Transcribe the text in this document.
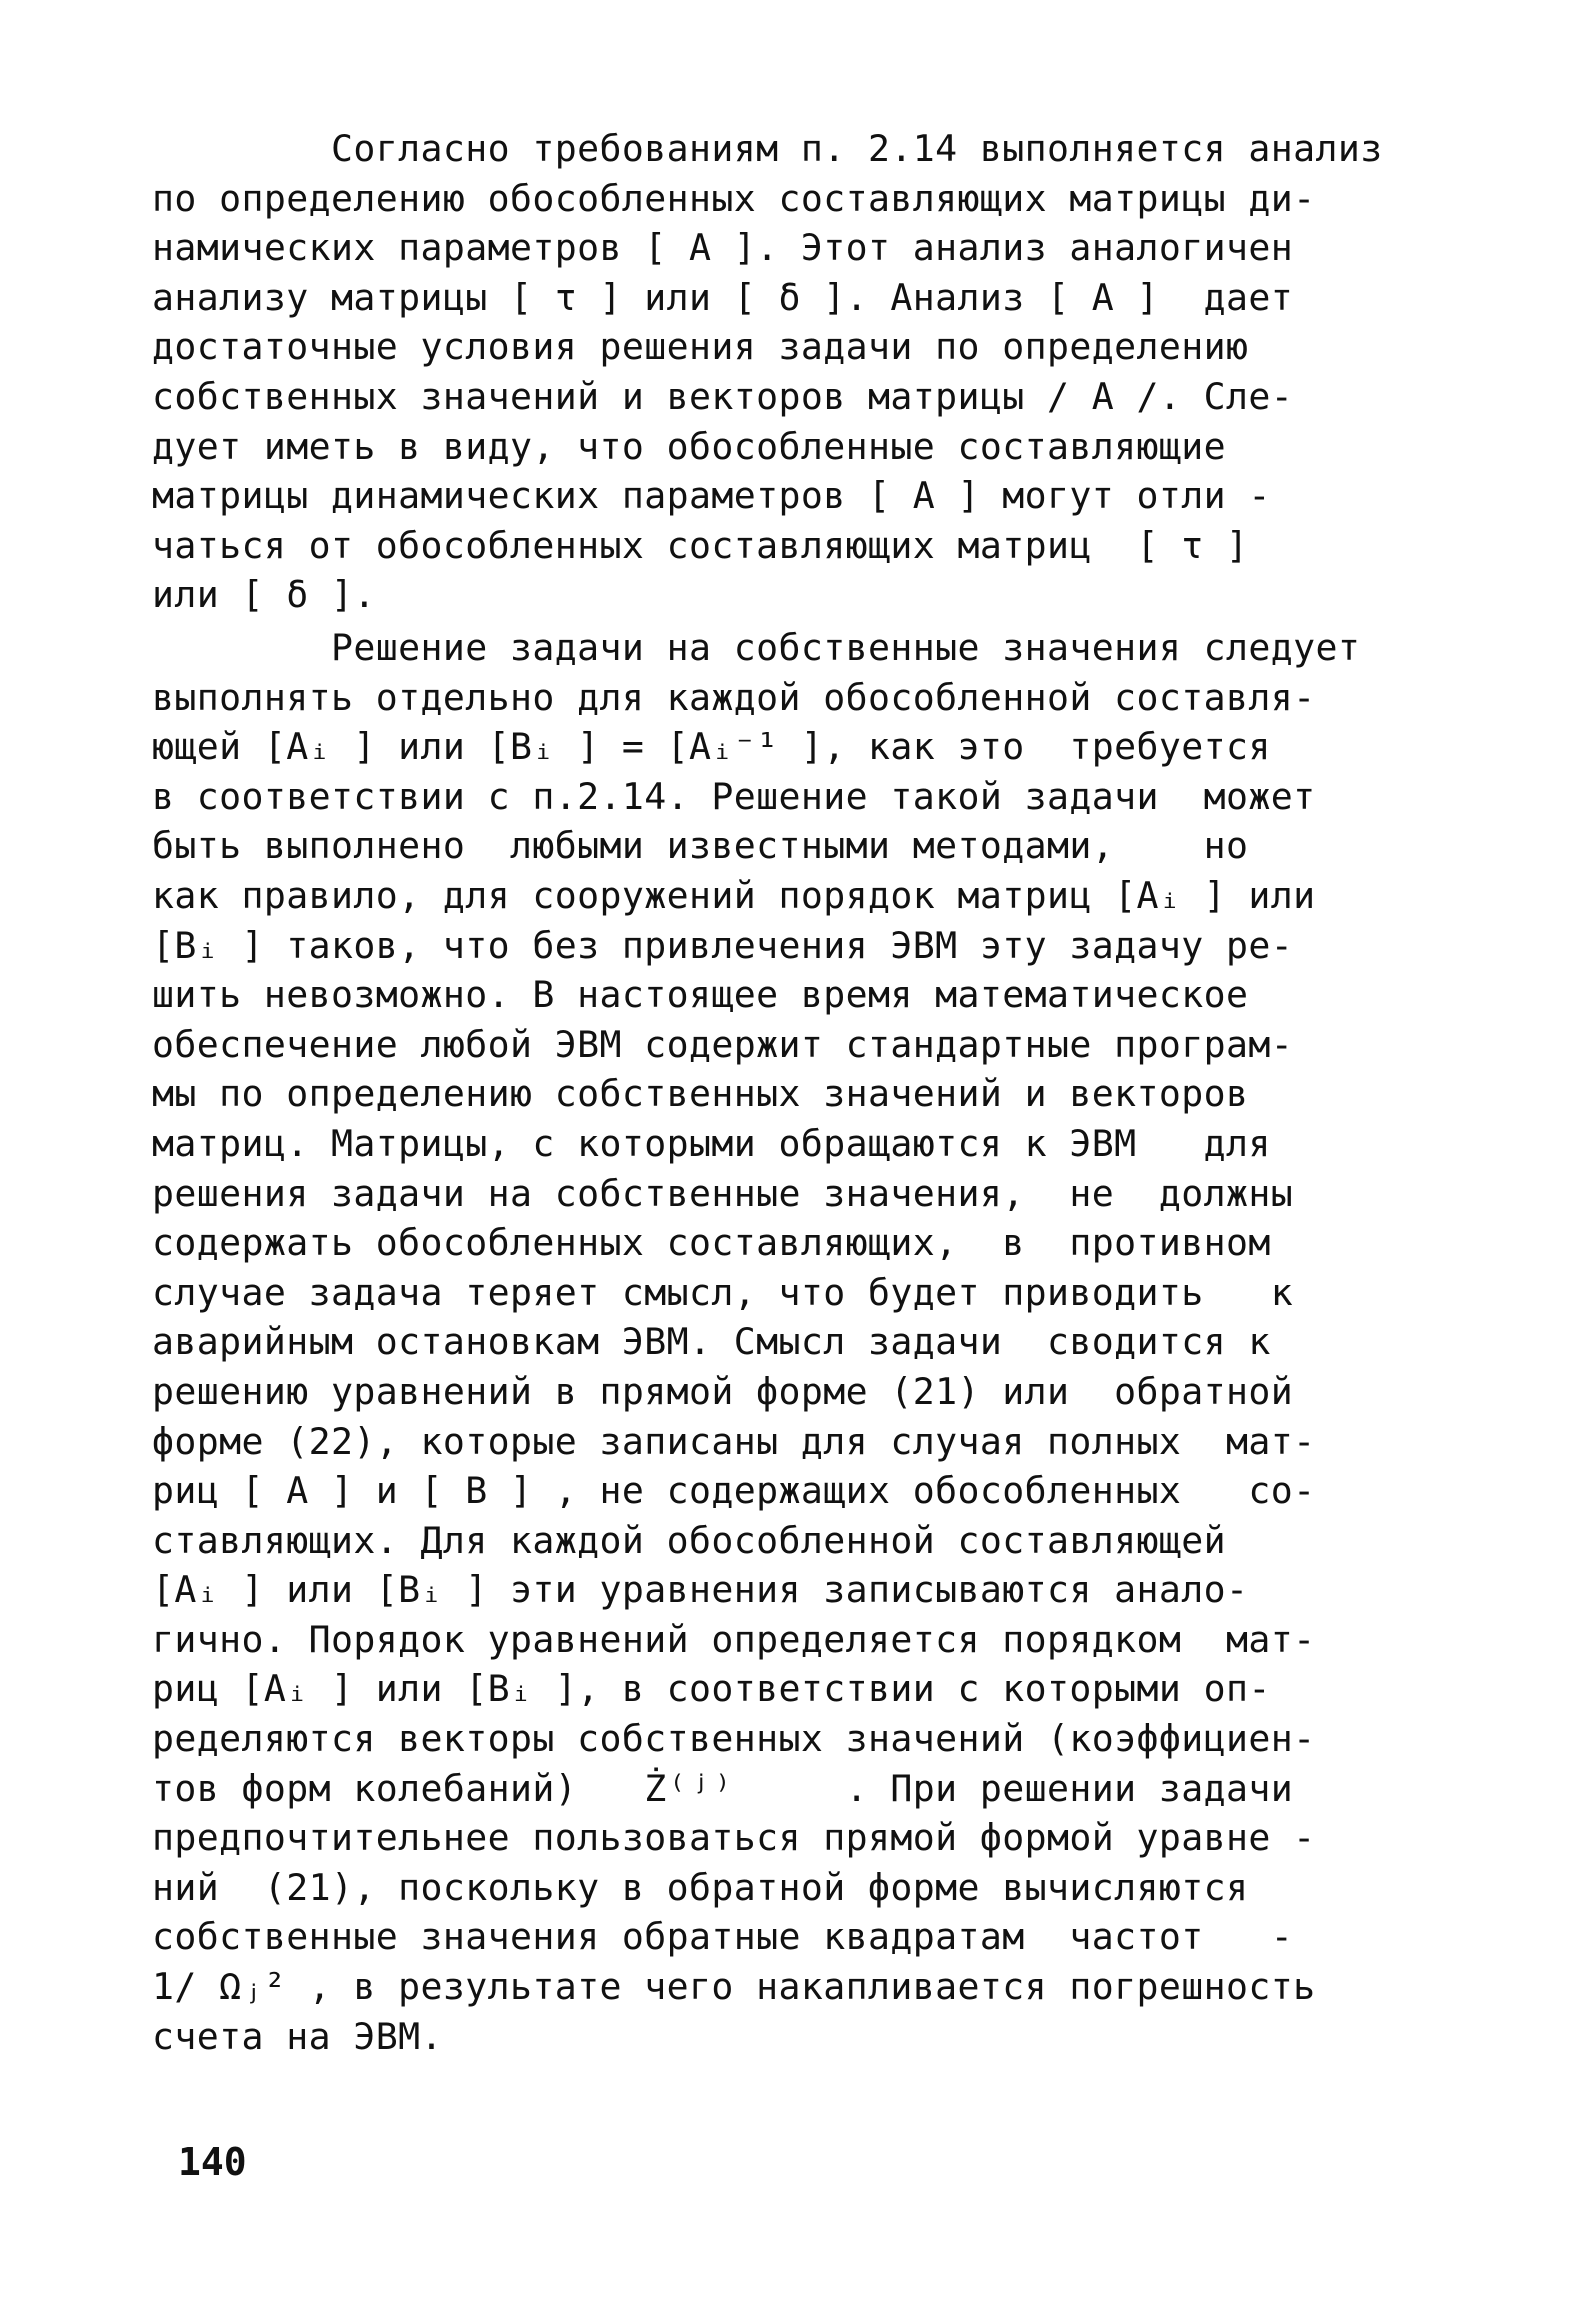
Согласно требованиям п. 2.14 выполняется анализ
по определению обособленных составляющих матрицы ди-
намических параметров [ A ]. Этот анализ аналогичен
анализу матрицы [ τ ] или [ δ ]. Анализ [ A ]  дает
достаточные условия решения задачи по определению
собственных значений и векторов матрицы / A /. Сле-
дует иметь в виду, что обособленные составляющие
матрицы динамических параметров [ A ] могут отли -
чаться от обособленных составляющих матриц  [ τ ]
или [ δ ].
Решение задачи на собственные значения следует
выполнять отдельно для каждой обособленной составля-
ющей [Aᵢ ] или [Bᵢ ] = [Aᵢ⁻¹ ], как это  требуется
в соответствии с п.2.14. Решение такой задачи  может
быть выполнено  любыми известными методами,    но
как правило, для сооружений порядок матриц [Aᵢ ] или
[Bᵢ ] таков, что без привлечения ЭВМ эту задачу ре-
шить невозможно. В настоящее время математическое
обеспечение любой ЭВМ содержит стандартные програм-
мы по определению собственных значений и векторов
матриц. Матрицы, с которыми обращаются к ЭВМ   для
решения задачи на собственные значения,  не  должны
содержать обособленных составляющих,  в  противном
случае задача теряет смысл, что будет приводить   к
аварийным остановкам ЭВМ. Смысл задачи  сводится к
решению уравнений в прямой форме (21) или  обратной
форме (22), которые записаны для случая полных  мат-
риц [ A ] и [ B ] , не содержащих обособленных   со-
ставляющих. Для каждой обособленной составляющей
[Aᵢ ] или [Bᵢ ] эти уравнения записываются анало-
гично. Порядок уравнений определяется порядком  мат-
риц [Aᵢ ] или [Bᵢ ], в соответствии с которыми оп-
ределяются векторы собственных значений (коэффициен-
тов форм колебаний)   Ż⁽ʲ⁾     . При решении задачи
предпочтительнее пользоваться прямой формой уравне -
ний  (21), поскольку в обратной форме вычисляются
собственные значения обратные квадратам  частот   -
1/ Ωⱼ² , в результате чего накапливается погрешность
счета на ЭВМ.
140
